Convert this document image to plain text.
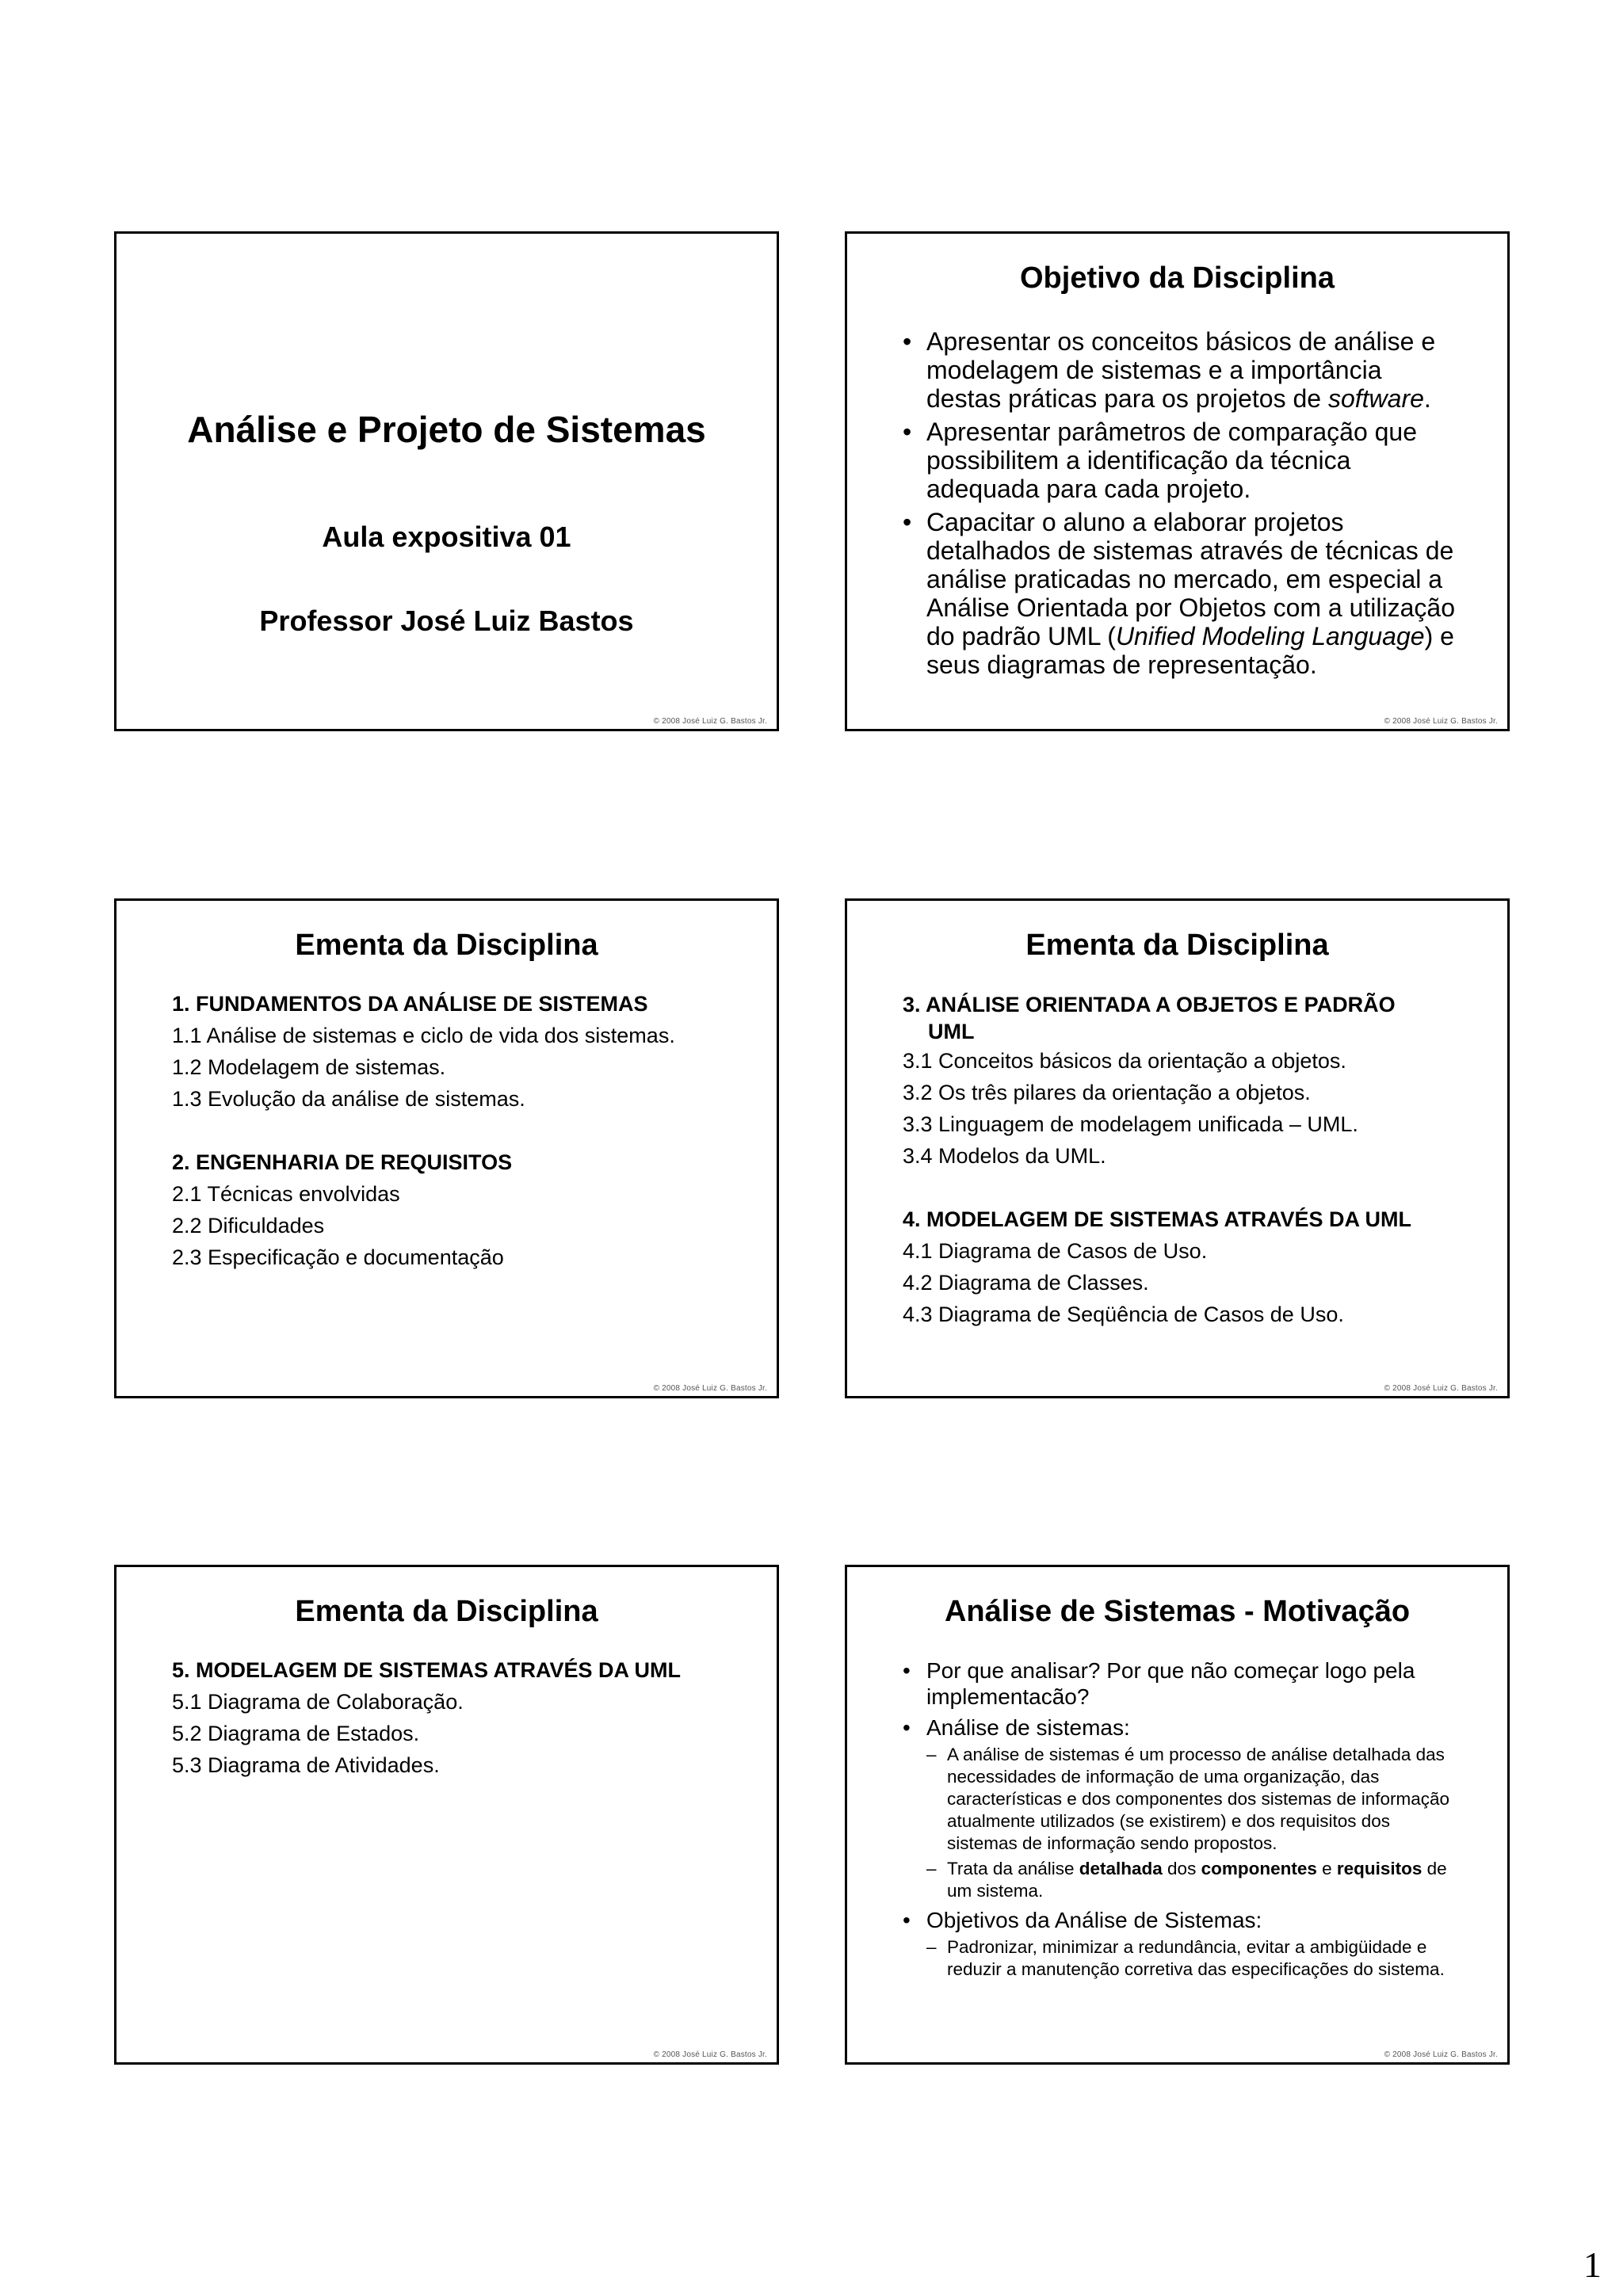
Análise e Projeto de Sistemas
Aula expositiva 01
Professor José Luiz Bastos
© 2008 José Luiz G. Bastos Jr.
Objetivo da Disciplina
• Apresentar os conceitos básicos de análise e modelagem de sistemas e a importância destas práticas para os projetos de software.
• Apresentar parâmetros de comparação que possibilitem a identificação da técnica adequada para cada projeto.
• Capacitar o aluno a elaborar projetos detalhados de sistemas através de técnicas de análise praticadas no mercado, em especial a Análise Orientada por Objetos com a utilização do padrão UML (Unified Modeling Language) e seus diagramas de representação.
© 2008 José Luiz G. Bastos Jr.
Ementa da Disciplina
1. FUNDAMENTOS DA ANÁLISE DE SISTEMAS
1.1 Análise de sistemas e ciclo de vida dos sistemas.
1.2 Modelagem de sistemas.
1.3 Evolução da análise de sistemas.
2. ENGENHARIA DE REQUISITOS
2.1 Técnicas envolvidas
2.2 Dificuldades
2.3 Especificação e documentação
© 2008 José Luiz G. Bastos Jr.
Ementa da Disciplina
3. ANÁLISE ORIENTADA A OBJETOS E PADRÃO
UML
3.1 Conceitos básicos da orientação a objetos.
3.2 Os três pilares da orientação a objetos.
3.3 Linguagem de modelagem unificada – UML.
3.4 Modelos da UML.
4. MODELAGEM DE SISTEMAS ATRAVÉS DA UML
4.1 Diagrama de Casos de Uso.
4.2 Diagrama de Classes.
4.3 Diagrama de Seqüência de Casos de Uso.
© 2008 José Luiz G. Bastos Jr.
Ementa da Disciplina
5. MODELAGEM DE SISTEMAS ATRAVÉS DA UML
5.1 Diagrama de Colaboração.
5.2 Diagrama de Estados.
5.3 Diagrama de Atividades.
© 2008 José Luiz G. Bastos Jr.
Análise de Sistemas - Motivação
• Por que analisar? Por que não começar logo pela implementacão?
• Análise de sistemas:
– A análise de sistemas é um processo de análise detalhada das necessidades de informação de uma organização, das características e dos componentes dos sistemas de informação atualmente utilizados (se existirem) e dos requisitos dos sistemas de informação sendo propostos.
– Trata da análise detalhada dos componentes e requisitos de um sistema.
• Objetivos da Análise de Sistemas:
– Padronizar, minimizar a redundância, evitar a ambigüidade e reduzir a manutenção corretiva das especificações do sistema.
© 2008 José Luiz G. Bastos Jr.
1
